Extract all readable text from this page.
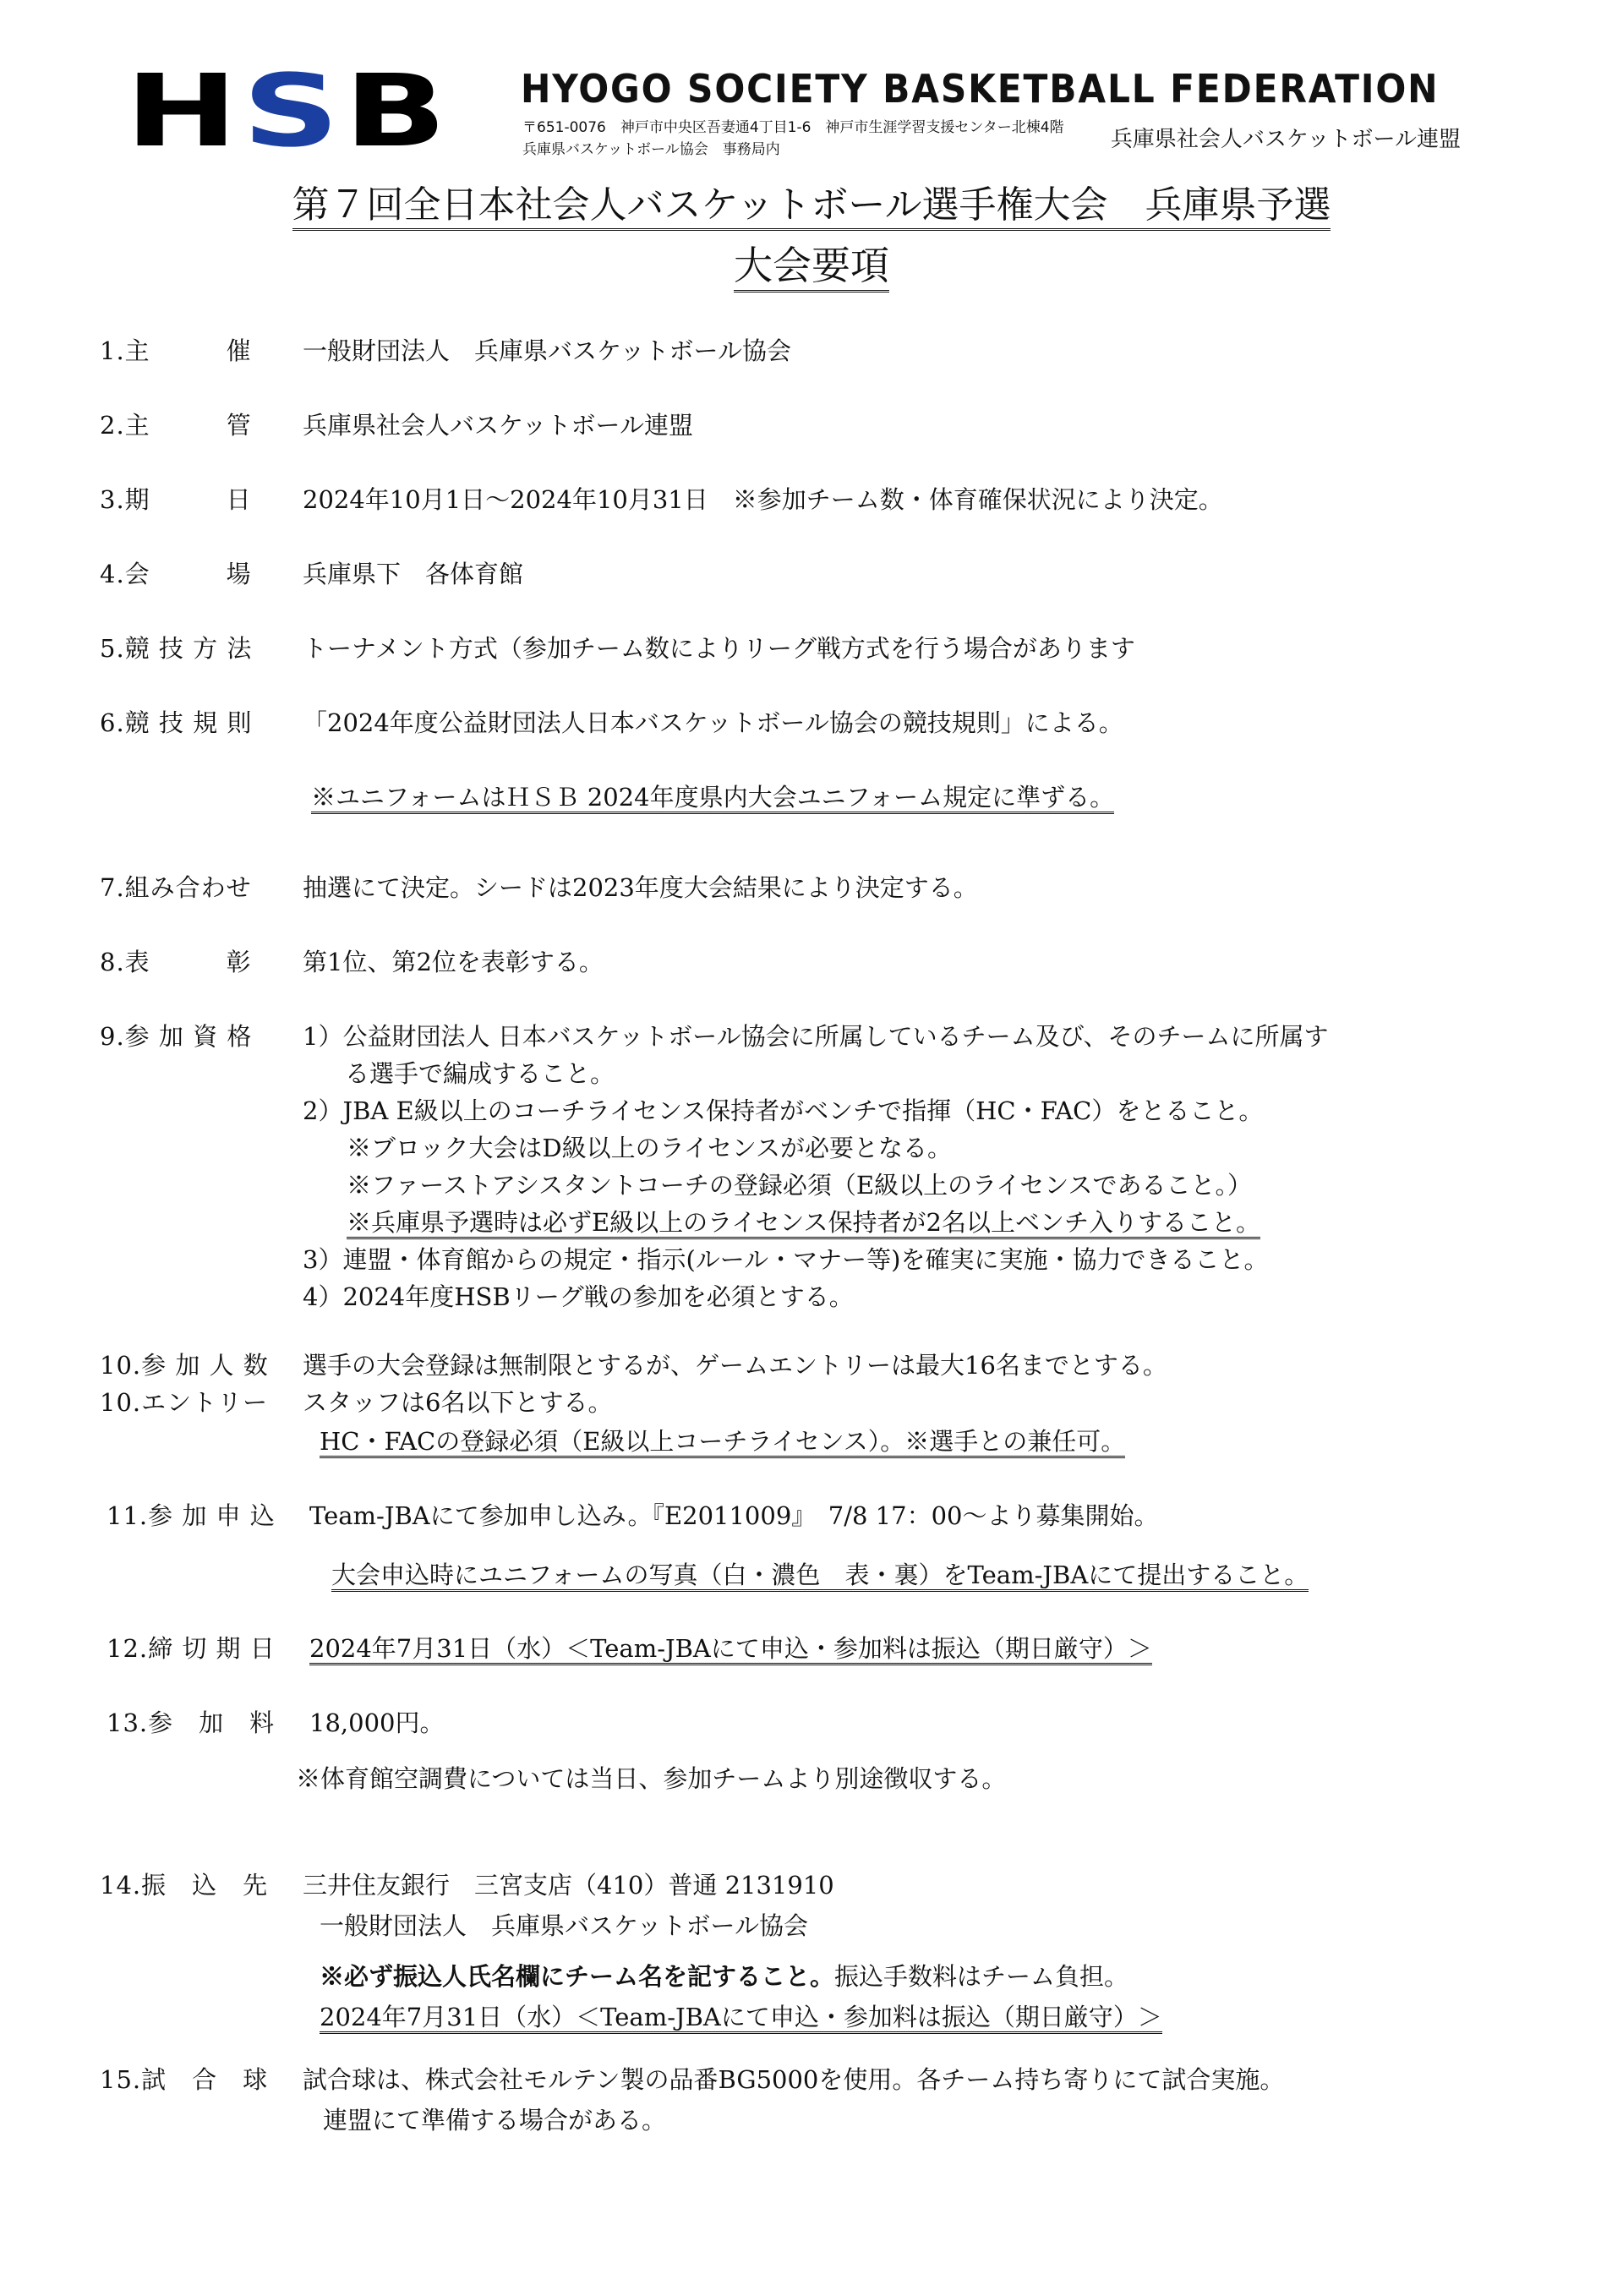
H S B HYOGO SOCIETY BASKETBALL FEDERATION
〒651-0076　神戸市中央区吾妻通4丁目1-6　神戸市生涯学習支援センター北棟4階
兵庫県バスケットボール協会　事務局内	兵庫県社会人バスケットボール連盟
第７回全日本社会人バスケットボール選手権大会　兵庫県予選
大会要項
1.主　　　催 一般財団法人　兵庫県バスケットボール協会
2.主　　　管 兵庫県社会人バスケットボール連盟
3.期　　　日 2024年10月1日～2024年10月31日　※参加チーム数・体育確保状況により決定。
4.会　　　場 兵庫県下　各体育館
5.競 技 方 法 トーナメント方式（参加チーム数によりリーグ戦方式を行う場合があります
6.競 技 規 則 「2024年度公益財団法人日本バスケットボール協会の競技規則」による。
※ユニフォームはＨＳＢ 2024年度県内大会ユニフォーム規定に準ずる。
7.組み合わせ 抽選にて決定。シードは2023年度大会結果により決定する。
8.表　　　彰 第1位、第2位を表彰する。
9.参 加 資 格 1）公益財団法人 日本バスケットボール協会に所属しているチーム及び、そのチームに所属す
る選手で編成すること。
2）JBA E級以上のコーチライセンス保持者がベンチで指揮（HC・FAC）をとること。
※ブロック大会はD級以上のライセンスが必要となる。
※ファーストアシスタントコーチの登録必須（E級以上のライセンスであること。）
※兵庫県予選時は必ずE級以上のライセンス保持者が2名以上ベンチ入りすること。
3）連盟・体育館からの規定・指示(ルール・マナー等)を確実に実施・協力できること。
4）2024年度HSBリーグ戦の参加を必須とする。
10.参 加 人 数 選手の大会登録は無制限とするが、ゲームエントリーは最大16名までとする。
10.エントリー スタッフは6名以下とする。
HC・FACの登録必須（E級以上コーチライセンス）。※選手との兼任可。
11.参 加 申 込 Team-JBAにて参加申し込み。『E2011009』　7/8 17：00～より募集開始。
大会申込時にユニフォームの写真（白・濃色　表・裏）をTeam-JBAにて提出すること。
12.締 切 期 日 2024年7月31日（水）＜Team-JBAにて申込・参加料は振込（期日厳守）＞
13.参　加　料 18,000円。
※体育館空調費については当日、参加チームより別途徴収する。
14.振　込　先 三井住友銀行　三宮支店（410）普通 2131910
一般財団法人　兵庫県バスケットボール協会
※必ず振込人氏名欄にチーム名を記すること。振込手数料はチーム負担。
2024年7月31日（水）＜Team-JBAにて申込・参加料は振込（期日厳守）＞
15.試　合　球 試合球は、株式会社モルテン製の品番BG5000を使用。各チーム持ち寄りにて試合実施。
連盟にて準備する場合がある。
